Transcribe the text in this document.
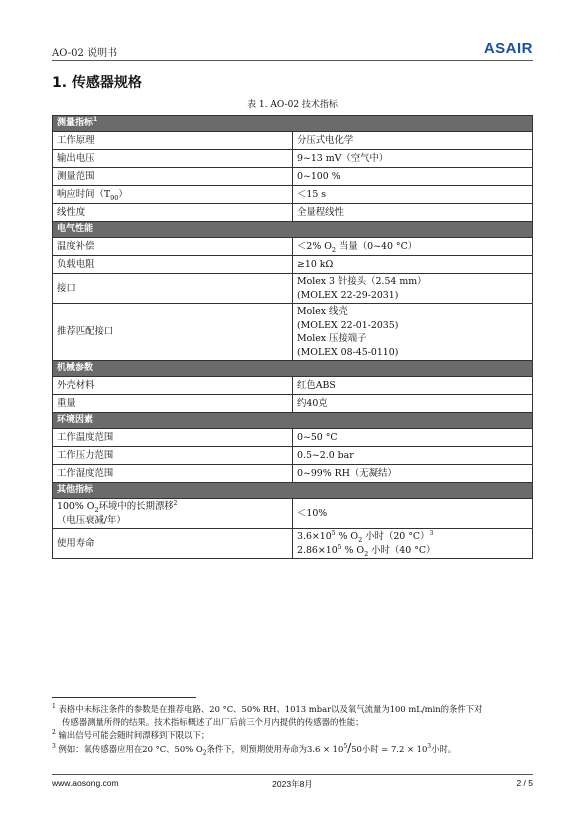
AO-02 说明书	ASAIR
1. 传感器规格
表 1. AO-02 技术指标
测量指标$^1$
工作原理	分压式电化学
输出电压	9~13 mV（空气中）
测量范围	0~100 %
响应时间$(T_{90})$	＜15 s
线性度	全量程线性
电气性能	
温度补偿	＜2% $O_2$ 当量（0~40 °C）
负载电阻	≥10 kΩ
接口	Molex 3 针接头（2.54 mm）
(MOLEX 22-29-2031)

推荐匹配接口	Molex 线壳
(MOLEX 22-01-2035)
Molex 压接端子
(MOLEX 08-45-0110)

机械参数	
外壳材料	红色ABS
重量	约40克
环境因素	
工作温度范围	0~50 °C
工作压力范围	0.5~2.0 bar
工作湿度范围	0~99% RH（无凝结）
其他指标	

100% $O_2$环境中的长期漂移$^2$
（电压衰减/年）	＜10%
使用寿命	$3.6\times 10^5$ % $O_2$ 小时（20 °C）$^3$
$2.86\times 10^5$ % $O_2$ 小时（40 °C）

$^1$ 表格中未标注条件的参数是在推荐电路、20 °C、50% RH、1013 mbar以及氧气流量为100 mL/min的条件下对

传感器测量所得的结果。技术指标概述了出厂后前三个月内提供的传感器的性能；

$^2$ 输出信号可能会随时间漂移到下限以下；

$^3$ 例如：氧传感器应用在20 °C、50% $O_2$条件下，则预期使用寿命为$3.6 \times 10^5/50$小时 = $7.2 \times 10^3$小时。

www.aosong.com	2023年8月	2 / 5
